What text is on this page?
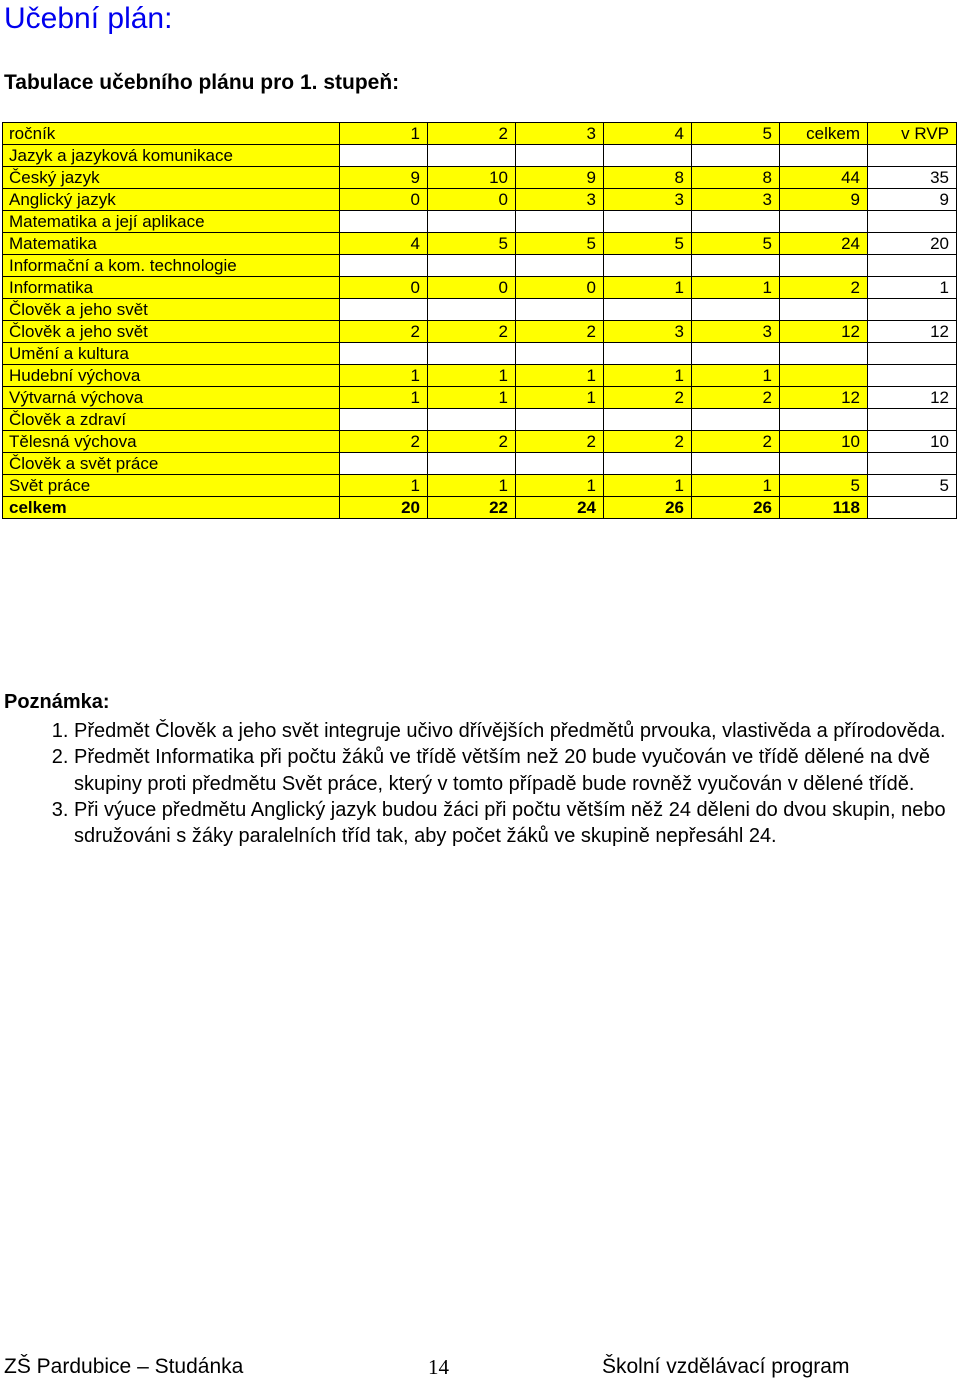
Učební plán:
Tabulace učebního plánu pro 1. stupeň:
ročník	1	2	3	4	5	celkem	v RVP
Jazyk a jazyková komunikace							
Český jazyk	9	10	9	8	8	44	35
Anglický jazyk	0	0	3	3	3	9	9
Matematika a její aplikace							
Matematika	4	5	5	5	5	24	20
Informační a kom. technologie							
Informatika	0	0	0	1	1	2	1
Člověk a jeho svět							
Člověk a jeho svět	2	2	2	3	3	12	12
Umění a kultura							
Hudební výchova	1	1	1	1	1		
Výtvarná výchova	1	1	1	2	2	12	12
Člověk a zdraví							
Tělesná výchova	2	2	2	2	2	10	10
Člověk a svět práce							
Svět práce	1	1	1	1	1	5	5
celkem	20	22	24	26	26	118	
Poznámka:
1. Předmět Člověk a jeho svět integruje učivo dřívějších předmětů prvouka, vlastivěda a přírodověda.
2. Předmět Informatika při počtu žáků ve třídě větším než 20 bude vyučován ve třídě dělené na dvě skupiny proti předmětu Svět práce, který v tomto případě bude rovněž vyučován v dělené třídě.
3. Při výuce předmětu Anglický jazyk budou žáci při počtu větším něž 24 děleni do dvou skupin, nebo sdružováni s žáky paralelních tříd tak, aby počet žáků ve skupině nepřesáhl 24.
ZŠ Pardubice – Studánka	14	Školní vzdělávací program
